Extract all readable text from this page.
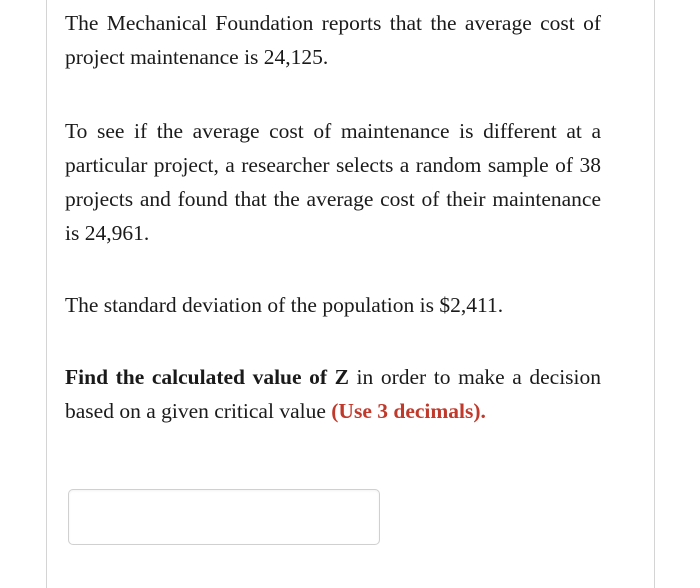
The Mechanical Foundation reports that the average cost of project maintenance is 24,125.

To see if the average cost of maintenance is different at a particular project, a researcher selects a random sample of 38 projects and found that the average cost of their maintenance is 24,961.

The standard deviation of the population is $2,411.

Find the calculated value of Z in order to make a decision based on a given critical value (Use 3 decimals).
